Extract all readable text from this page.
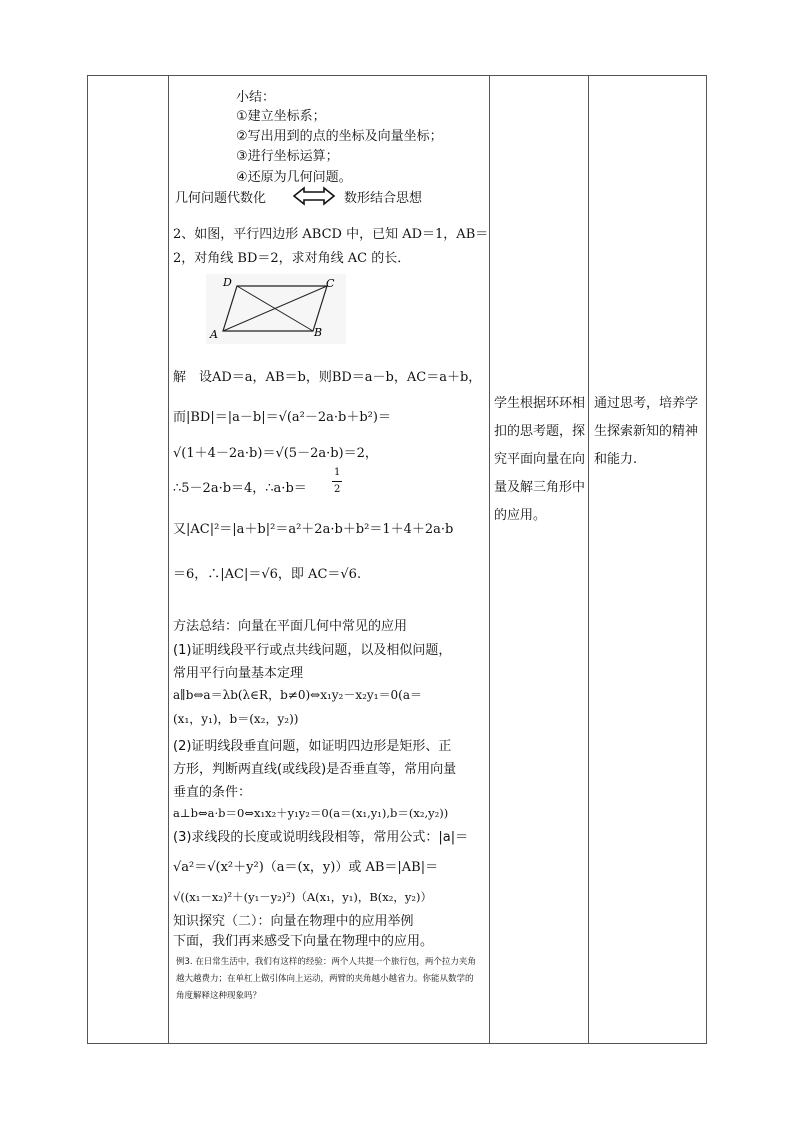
小结：
①建立坐标系；
②写出用到的点的坐标及向量坐标；
③进行坐标运算；
④还原为几何问题。
几何问题代数化	数形结合思想
2、如图，平行四边形 ABCD 中，已知 AD＝1，AB＝
2，对角线 BD＝2，求对角线 AC 的长．
D	C
A	B
解　设AD＝a，AB＝b，则BD＝a－b，AC＝a＋b，
而|BD|＝|a－b|＝√(a²－2a·b＋b²)＝
√(1＋4－2a·b)＝√(5－2a·b)＝2，
∴5－2a·b＝4，∴a·b＝
1
2
又|AC|²＝|a＋b|²＝a²＋2a·b＋b²＝1＋4＋2a·b
＝6，∴|AC|＝√6，即 AC＝√6.
方法总结：向量在平面几何中常见的应用
(1)证明线段平行或点共线问题，以及相似问题，
常用平行向量基本定理
a∥b⇔a＝λb(λ∈R，b≠0)⇔x₁y₂－x₂y₁＝0(a＝
(x₁，y₁)，b＝(x₂，y₂))
(2)证明线段垂直问题，如证明四边形是矩形、正
方形，判断两直线(或线段)是否垂直等，常用向量
垂直的条件：
a⊥b⇔a·b＝0⇔x₁x₂＋y₁y₂＝0(a＝(x₁,y₁),b＝(x₂,y₂))
(3)求线段的长度或说明线段相等，常用公式：|a|＝
√a²＝√(x²＋y²)（a＝(x，y)）或 AB＝|AB|＝
√((x₁－x₂)²＋(y₁－y₂)²)（A(x₁，y₁)，B(x₂，y₂)）
知识探究（二）：向量在物理中的应用举例
下面，我们再来感受下向量在物理中的应用。
例3. 在日常生活中，我们有这样的经验：两个人共提一个旅行包，两个拉力夹角越大越费力；在单杠上做引体向上运动，两臂的夹角越小越省力。你能从数学的角度解释这种现象吗？
学生根据环环相扣的思考题，探究平面向量在向量及解三角形中的应用。
通过思考，培养学生探索新知的精神和能力.
